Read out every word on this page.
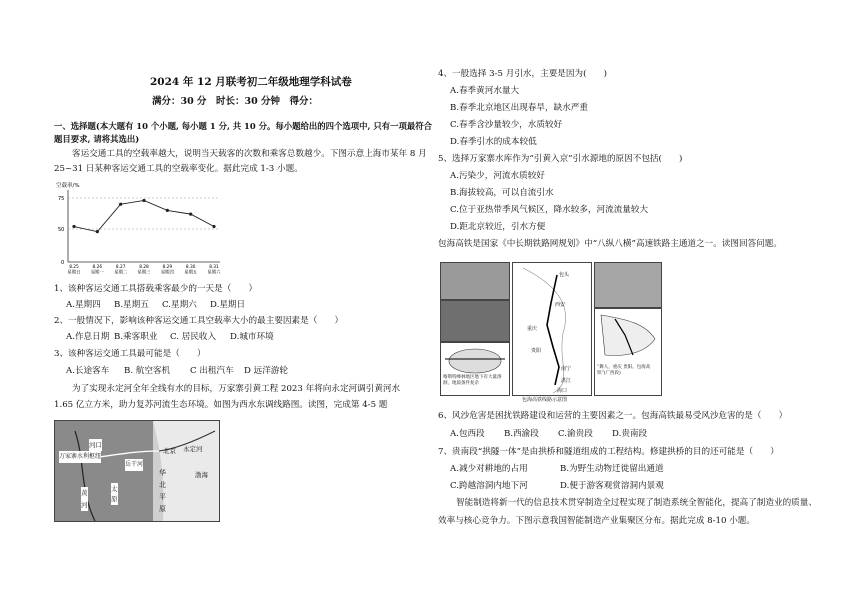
2024 年 12 月联考初二年级地理学科试卷
满分：30 分　时长：30 分钟　得分：
一、选择题(本大题有 10 个小题, 每小题 1 分, 共 10 分。每小题给出的四个选项中, 只有一项最符合
题目要求, 请将其选出)
客运交通工具的空载率越大，说明当天载客的次数和乘客总数越少。下图示意上海市某年 8 月
25~31 日某种客运交通工具的空载率变化。据此完成 1-3 小题。
空载率/%
75
50
0
8.25
星期日
8.26
星期一
8.27
星期二
8.28
星期三
8.29
星期四
8.30
星期五
8.31
星期六
1、该种客运交通工具搭载乘客最少的一天是（　　）
A.星期四 B.星期五 C.星期六 D.星期日
2、一般情况下，影响该种客运交通工具空载率大小的最主要因素是（　　）
A.作息日期 B.乘客职业 C. 居民收入 D.城市环境
3、该种客运交通工具最可能是（　　）
A.长途客车 B. 航空客机 C 出租汽车 D 远洋游轮
为了实现永定河全年全线有水的目标，万家寨引黄工程 2023 年将向永定河调引黄河水
1.65 亿立方米，助力复苏河流生态环境。如图为西水东调线路图。读图，完成第 4-5 题
河口
万家寨水利枢纽
岳干河
永定河
北京
华
北
平
原
太
原
黄
河
渤海
4、一般选择 3-5 月引水，主要是因为(　　)
A.春季黄河水量大
B.春季北京地区出现春旱，缺水严重
C.春季含沙量较少，水质较好
D.春季引水的成本较低
5、选择万家寨水库作为“引黄入京”引水源地的原因不包括(　　)
A.污染少，河流水质较好
B.海拔较高，可以自流引水
C.位于亚热带季风气候区，降水较多，河流流量较大
D.距北京较近，引水方便
包海高铁是国家《中长期铁路网规划》中“八纵八横”高速铁路主通道之一。读图回答问题。
喀斯特峰林地区地下有大量溶洞，地质条件复杂
包头
西安
重庆
贵阳
南宁
湛江
海口
包海高铁线路示意图
“舞人，重庆 贵阳。包海高铁”(广西段)
6、风沙危害是困扰铁路建设和运营的主要因素之一。包海高铁最易受风沙危害的是（　　）
A.包西段 B.西渝段 C.渝贵段 D.贵南段
7、贵南段“拱隧一体”是由拱桥和隧道组成的工程结构。修建拱桥的目的还可能是（　　）
A.减少对耕地的占用	B.为野生动物迁徙留出通道
C.跨越溶洞内地下河	D.便于游客观赏溶洞内景观
智能制造将新一代的信息技术贯穿制造全过程实现了制造系统全智能化，提高了制造业的质量、
效率与核心竞争力。下图示意我国智能制造产业集聚区分布。据此完成 8-10 小题。
